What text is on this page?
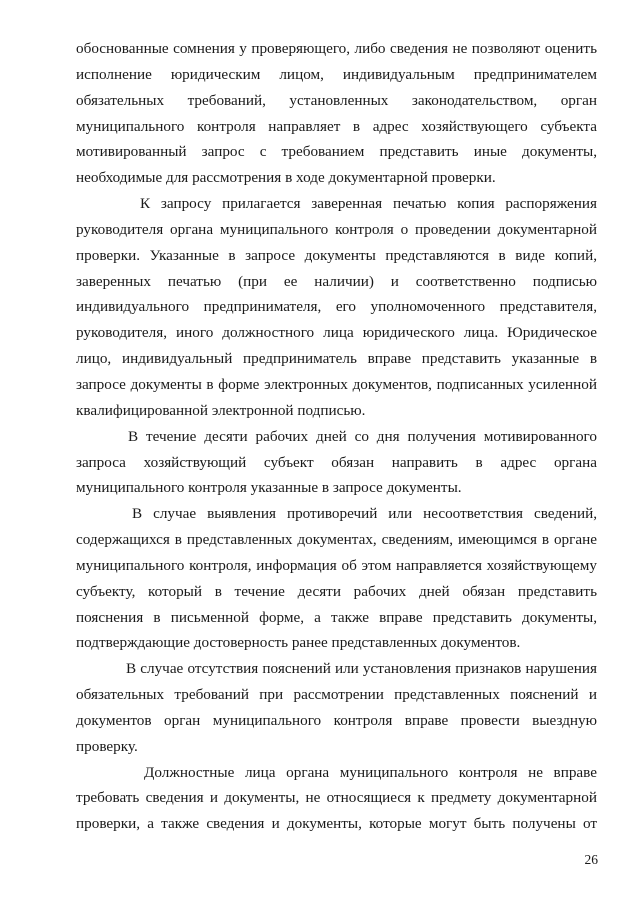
обоснованные сомнения у проверяющего, либо сведения не позволяют оценить
исполнение юридическим лицом, индивидуальным предпринимателем
обязательных требований, установленных законодательством, орган
муниципального контроля направляет в адрес хозяйствующего субъекта
мотивированный запрос с требованием представить иные документы,
необходимые для рассмотрения в ходе документарной проверки.
К запросу прилагается заверенная печатью копия распоряжения
руководителя органа муниципального контроля о проведении документарной
проверки. Указанные в запросе документы представляются в виде копий,
заверенных печатью (при ее наличии) и соответственно подписью
индивидуального предпринимателя, его уполномоченного представителя,
руководителя, иного должностного лица юридического лица. Юридическое
лицо, индивидуальный предприниматель вправе представить указанные в
запросе документы в форме электронных документов, подписанных усиленной
квалифицированной электронной подписью.
В течение десяти рабочих дней со дня получения мотивированного
запроса хозяйствующий субъект обязан направить в адрес органа
муниципального контроля указанные в запросе документы.
В случае выявления противоречий или несоответствия сведений,
содержащихся в представленных документах, сведениям, имеющимся в органе
муниципального контроля, информация об этом направляется хозяйствующему
субъекту, который в течение десяти рабочих дней обязан представить
пояснения в письменной форме, а также вправе представить документы,
подтверждающие достоверность ранее представленных документов.
В случае отсутствия пояснений или установления признаков нарушения
обязательных требований при рассмотрении представленных пояснений и
документов орган муниципального контроля вправе провести выездную
проверку.
Должностные лица органа муниципального контроля не вправе
требовать сведения и документы, не относящиеся к предмету документарной
проверки, а также сведения и документы, которые могут быть получены от
26
